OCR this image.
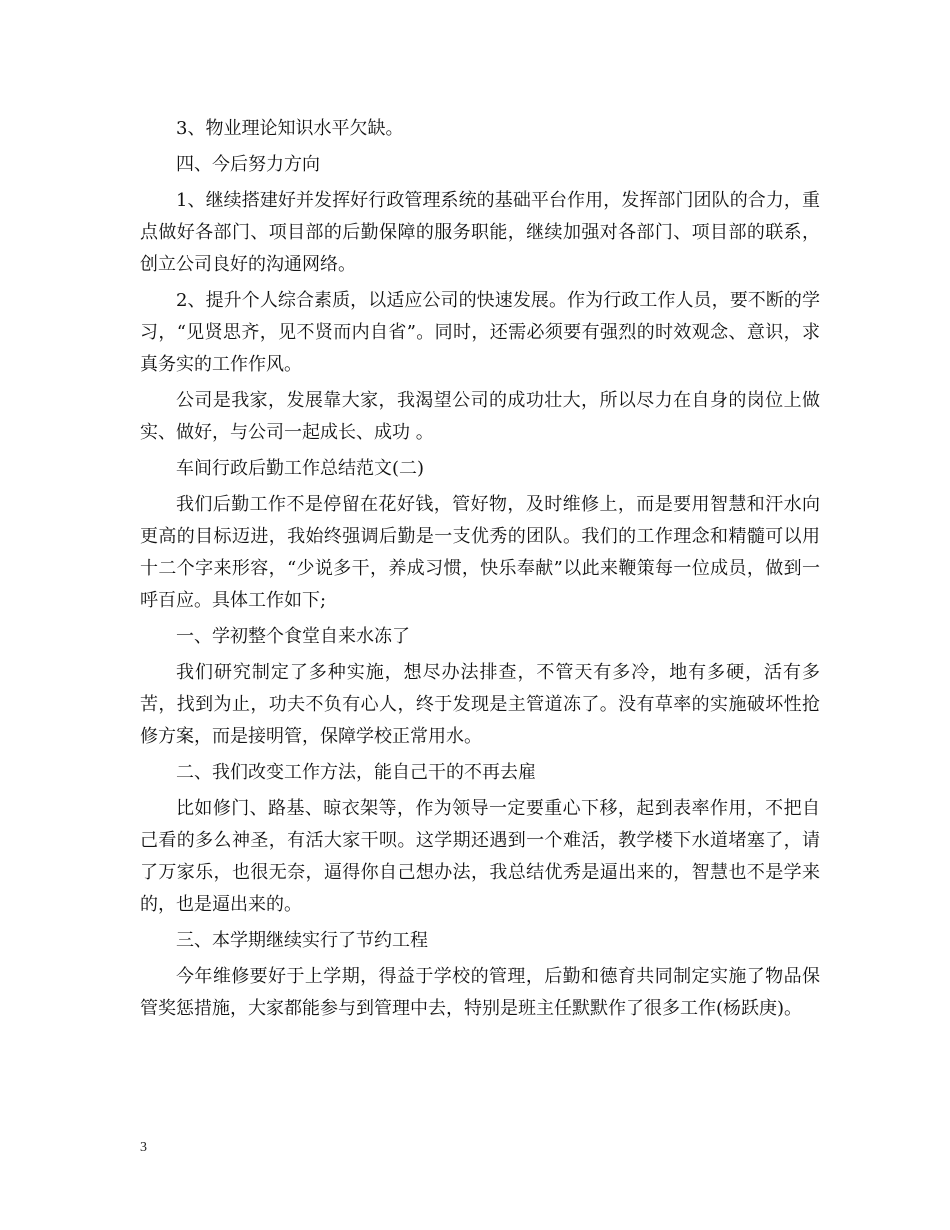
3、物业理论知识水平欠缺。

四、今后努力方向

1、继续搭建好并发挥好行政管理系统的基础平台作用，发挥部门团队的合力，重点做好各部门、项目部的后勤保障的服务职能，继续加强对各部门、项目部的联系，创立公司良好的沟通网络。

2、提升个人综合素质，以适应公司的快速发展。作为行政工作人员，要不断的学习，“见贤思齐，见不贤而内自省”。同时，还需必须要有强烈的时效观念、意识，求真务实的工作作风。

公司是我家，发展靠大家，我渴望公司的成功壮大，所以尽力在自身的岗位上做实、做好，与公司一起成长、成功 。

车间行政后勤工作总结范文(二)

我们后勤工作不是停留在花好钱，管好物，及时维修上，而是要用智慧和汗水向更高的目标迈进，我始终强调后勤是一支优秀的团队。我们的工作理念和精髓可以用十二个字来形容，“少说多干，养成习惯，快乐奉献”以此来鞭策每一位成员，做到一呼百应。具体工作如下;

一、学初整个食堂自来水冻了

我们研究制定了多种实施，想尽办法排查，不管天有多冷，地有多硬，活有多苦，找到为止，功夫不负有心人，终于发现是主管道冻了。没有草率的实施破坏性抢修方案，而是接明管，保障学校正常用水。

二、我们改变工作方法，能自己干的不再去雇

比如修门、路基、晾衣架等，作为领导一定要重心下移，起到表率作用，不把自己看的多么神圣，有活大家干呗。这学期还遇到一个难活，教学楼下水道堵塞了，请了万家乐，也很无奈，逼得你自己想办法，我总结优秀是逼出来的，智慧也不是学来的，也是逼出来的。

三、本学期继续实行了节约工程

今年维修要好于上学期，得益于学校的管理，后勤和德育共同制定实施了物品保管奖惩措施，大家都能参与到管理中去，特别是班主任默默作了很多工作(杨跃庚)。

3
